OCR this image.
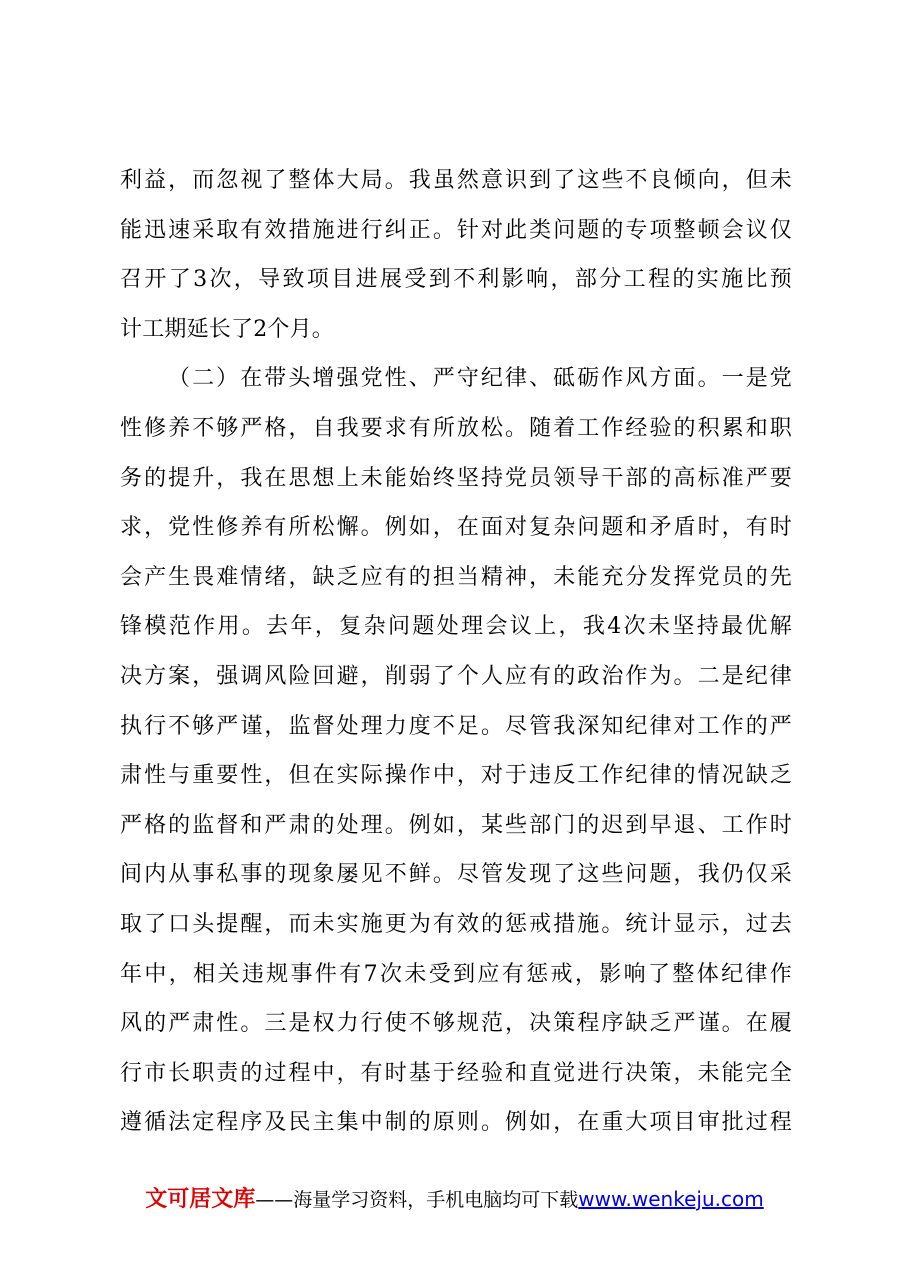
利益，而忽视了整体大局。我虽然意识到了这些不良倾向，但未
能迅速采取有效措施进行纠正。针对此类问题的专项整顿会议仅
召开了3次，导致项目进展受到不利影响，部分工程的实施比预
计工期延长了2个月。
（二）在带头增强党性、严守纪律、砥砺作风方面。一是党
性修养不够严格，自我要求有所放松。随着工作经验的积累和职
务的提升，我在思想上未能始终坚持党员领导干部的高标准严要
求，党性修养有所松懈。例如，在面对复杂问题和矛盾时，有时
会产生畏难情绪，缺乏应有的担当精神，未能充分发挥党员的先
锋模范作用。去年，复杂问题处理会议上，我4次未坚持最优解
决方案，强调风险回避，削弱了个人应有的政治作为。二是纪律
执行不够严谨，监督处理力度不足。尽管我深知纪律对工作的严
肃性与重要性，但在实际操作中，对于违反工作纪律的情况缺乏
严格的监督和严肃的处理。例如，某些部门的迟到早退、工作时
间内从事私事的现象屡见不鲜。尽管发现了这些问题，我仍仅采
取了口头提醒，而未实施更为有效的惩戒措施。统计显示，过去
年中，相关违规事件有7次未受到应有惩戒，影响了整体纪律作
风的严肃性。三是权力行使不够规范，决策程序缺乏严谨。在履
行市长职责的过程中，有时基于经验和直觉进行决策，未能完全
遵循法定程序及民主集中制的原则。例如，在重大项目审批过程
文可居文库——海量学习资料，手机电脑均可下载www.wenkeju.com
